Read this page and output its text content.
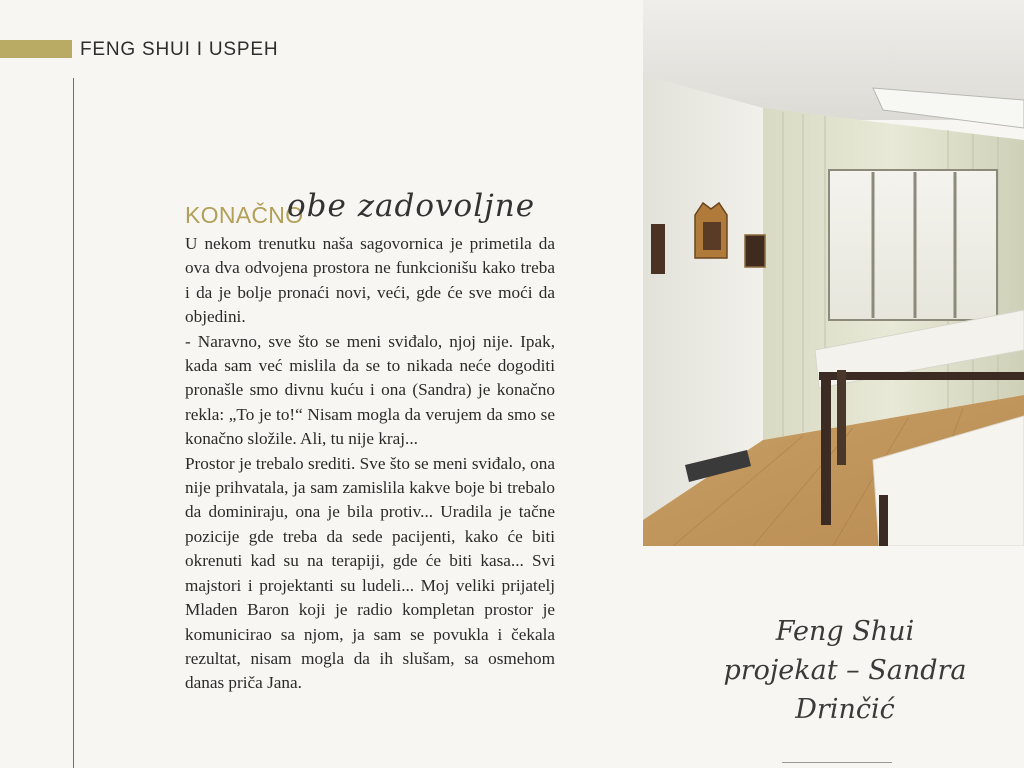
FENG SHUI I USPEH
KONAČNO
obe zadovoljne

U nekom trenutku naša sagovornica je primetila da ova dva odvojena prostora ne funkcionišu kako treba i da je bolje pronaći novi, veći, gde će sve moći da objedini.

- Naravno, sve što se meni sviđalo, njoj nije. Ipak, kada sam već mislila da se to nikada neće dogoditi pronašle smo divnu kuću i ona (Sandra) je konačno rekla: „To je to!“ Nisam mogla da verujem da smo se konačno složile. Ali, tu nije kraj...

Prostor je trebalo srediti. Sve što se meni sviđalo, ona nije prihvatala, ja sam zamislila kakve boje bi trebalo da dominiraju, ona je bila protiv... Uradila je tačne pozicije gde treba da sede pacijenti, kako će biti okrenuti kad su na terapiji, gde će biti kasa... Svi majstori i projektanti su ludeli... Moj veliki prijatelj Mladen Baron koji je radio kompletan prostor je komunicirao sa njom, ja sam se povukla i čekala rezultat, nisam mogla da ih slušam, sa osmehom danas priča Jana.

Feng Shui
projekat – Sandra
Drinčić
